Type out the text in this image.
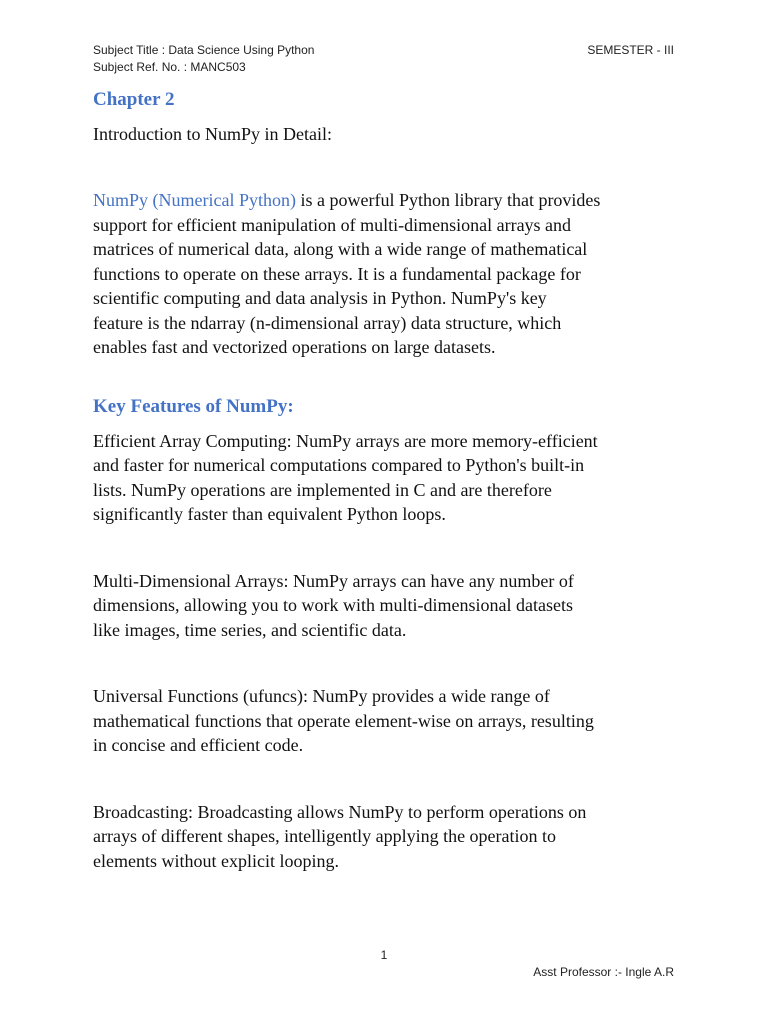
Subject Title : Data Science Using Python
Subject Ref. No. : MANC503
SEMESTER - III
Chapter 2

Introduction to NumPy in Detail:

NumPy (Numerical Python) is a powerful Python library that provides
support for efficient manipulation of multi-dimensional arrays and
matrices of numerical data, along with a wide range of mathematical
functions to operate on these arrays. It is a fundamental package for
scientific computing and data analysis in Python. NumPy's key
feature is the ndarray (n-dimensional array) data structure, which
enables fast and vectorized operations on large datasets.

Key Features of NumPy:

Efficient Array Computing: NumPy arrays are more memory-efficient
and faster for numerical computations compared to Python's built-in
lists. NumPy operations are implemented in C and are therefore
significantly faster than equivalent Python loops.

Multi-Dimensional Arrays: NumPy arrays can have any number of
dimensions, allowing you to work with multi-dimensional datasets
like images, time series, and scientific data.

Universal Functions (ufuncs): NumPy provides a wide range of
mathematical functions that operate element-wise on arrays, resulting
in concise and efficient code.

Broadcasting: Broadcasting allows NumPy to perform operations on
arrays of different shapes, intelligently applying the operation to
elements without explicit looping.

1
Asst Professor :- Ingle A.R
